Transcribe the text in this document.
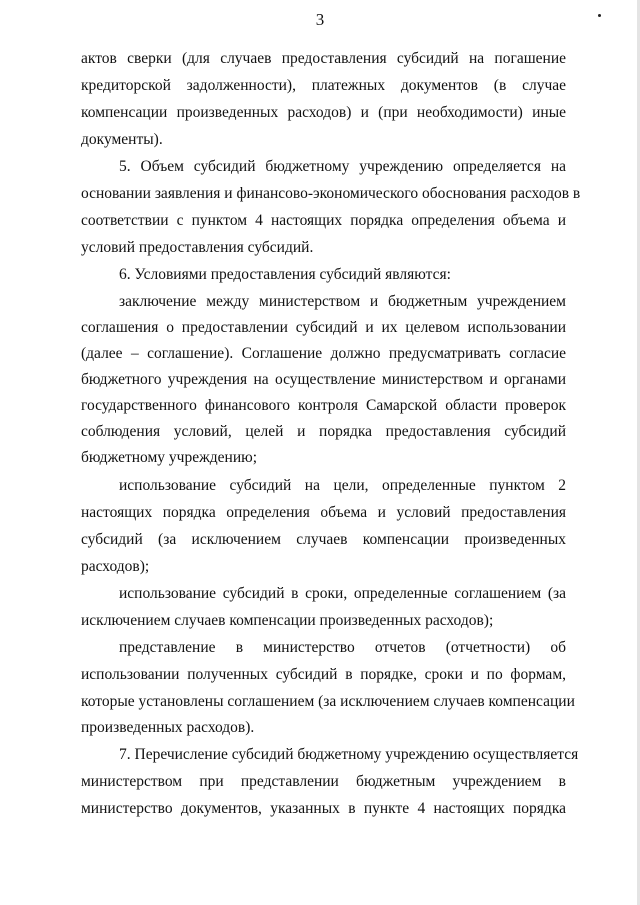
3
актов сверки (для случаев предоставления субсидий на погашение
кредиторской задолженности), платежных документов (в случае
компенсации произведенных расходов) и (при необходимости) иные
документы).
5. Объем субсидий бюджетному учреждению определяется на
основании заявления и финансово-экономического обоснования расходов в
соответствии с пунктом 4 настоящих порядка определения объема и
условий предоставления субсидий.
6. Условиями предоставления субсидий являются:
заключение между министерством и бюджетным учреждением
соглашения о предоставлении субсидий и их целевом использовании
(далее – соглашение). Соглашение должно предусматривать согласие
бюджетного учреждения на осуществление министерством и органами
государственного финансового контроля Самарской области проверок
соблюдения условий, целей и порядка предоставления субсидий
бюджетному учреждению;
использование субсидий на цели, определенные пунктом 2
настоящих порядка определения объема и условий предоставления
субсидий (за исключением случаев компенсации произведенных
расходов);
использование субсидий в сроки, определенные соглашением (за
исключением случаев компенсации произведенных расходов);
представление в министерство отчетов (отчетности) об
использовании полученных субсидий в порядке, сроки и по формам,
которые установлены соглашением (за исключением случаев компенсации
произведенных расходов).
7. Перечисление субсидий бюджетному учреждению осуществляется
министерством при представлении бюджетным учреждением в
министерство документов, указанных в пункте 4 настоящих порядка
